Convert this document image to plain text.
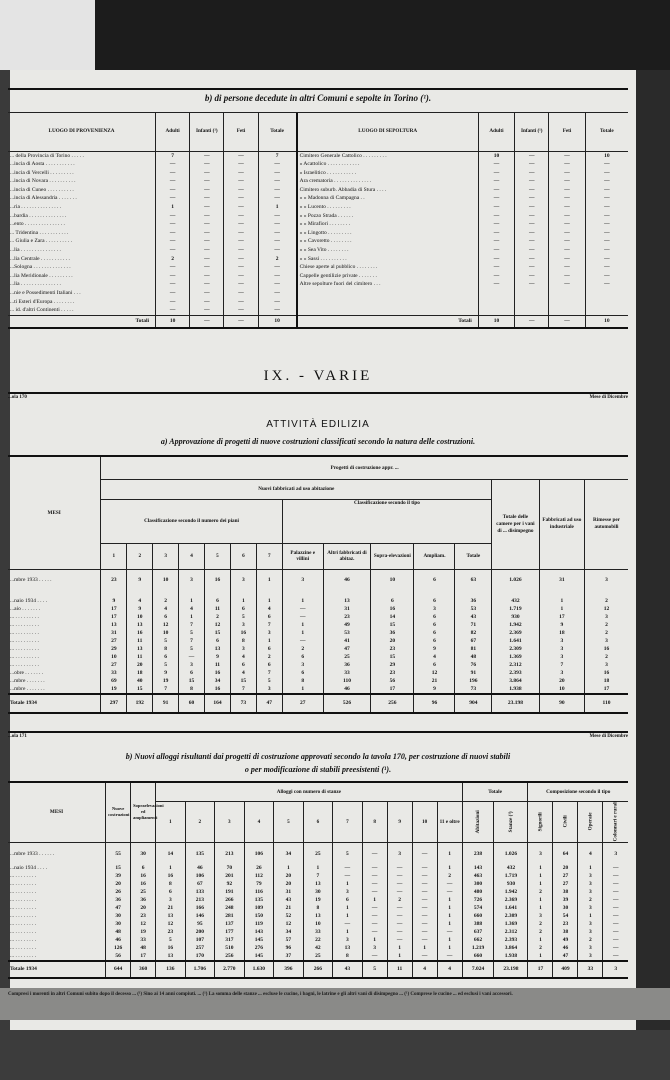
b) di persone decedute in altri Comuni e sepolte in Torino (¹).
LUOGO DI PROVENIENZA	Adulti	Infanti (¹)	Feti	Totale	LUOGO DI SEPOLTURA	Adulti	Infanti (¹)	Feti	Totale
... della Provincia di Torino . . . . .	7	—	—	7	Cimitero Generale Cattolico . . . . . . . . .	10	—	—	10
...incia di Aosta . . . . . . . . . . .	—	—	—	—	» Acattolico . . . . . . . . . . . .	—	—	—	—
...incia di Vercelli . . . . . . . . .	—	—	—	—	» Israelitico . . . . . . . . . . .	—	—	—	—
...incia di Novara . . . . . . . . . .	—	—	—	—	Ara crematoria . . . . . . . . . . . . . .	—	—	—	—
...incia di Cuneo . . . . . . . . . .	—	—	—	—	Cimitero suburb. Abbadia di Stura . . . .	—	—	—	—
...incia di Alessandria . . . . . . .	—	—	—	—	» » Madonna di Campagna . .	—	—	—	—
...ria . . . . . . . . . . . . . . .	1	—	—	1	» » Lucento . . . . . . . . .	—	—	—	—
...bardia . . . . . . . . . . . . . .	—	—	—	—	» » Pozzo Strada . . . . . .	—	—	—	—
...ento . . . . . . . . . . . . . . .	—	—	—	—	» » Mirafiori . . . . . . . .	—	—	—	—
... Tridentina . . . . . . . . . . .	—	—	—	—	» » Lingotto . . . . . . . . .	—	—	—	—
... Giulia e Zara . . . . . . . . . .	—	—	—	—	» » Cavoretto . . . . . . . .	—	—	—	—
...lia . . . . . . . . . . . . . . .	—	—	—	—	» » Sea Vito . . . . . . . .	—	—	—	—
...lia Centrale . . . . . . . . . . .	2	—	—	2	» » Sassi . . . . . . . . . .	—	—	—	—
...Sologna . . . . . . . . . . . . . .	—	—	—	—	Chiese aperte al pubblico . . . . . . . .	—	—	—	—
...lia Meridionale . . . . . . . . .	—	—	—	—	Cappelle gentilizie private . . . . . . .	—	—	—	—
...lia . . . . . . . . . . . . . . .	—	—	—	—	Altre sepolture fuori del cimitero . . .	—	—	—	—
...nie e Possedimenti Italiani . . .	—	—	—	—					
...ti Esteri d'Europa . . . . . . . .	—	—	—	—					
... id. d'altri Continenti . . . . .	—	—	—	—					
Totali	10	—	—	10	Totali	10	—	—	10
IX. - VARIE
...ola 170	Mese di Dicembre
ATTIVITÀ EDILIZIA
a) Approvazione di progetti di nuove costruzioni classificati secondo la natura delle costruzioni.
MESI	Progetti di costruzione appr. ...														
	Nuovi fabbricati ad uso abitazione												Totale delle camere per i vani di ... disimpegno	Fabbricati ad uso industriale	Rimesse per automobili
	Classificazione secondo il numero dei piani							Classificazione secondo il tipo							
	1	2	3	4	5	6	7	Palazzine e villini	Altri fabbricati di abitaz.	Sopra-elevazioni	Ampliam.	Totale			
...mbre 1933 . . . . .	23	9	10	3	16	3	1	3	46	10	6	63	1.026	31	3

...naio 1934 . . . .	9	4	2	1	6	1	1	1	13	6	6	36	432	1	2
...aio . . . . . . .	17	9	4	4	11	6	4	—	31	16	3	53	1.719	1	12
... . . . . . . . . .	17	10	6	1	2	5	6	—	23	14	6	43	930	17	3
... . . . . . . . . .	13	13	12	7	12	3	7	1	49	15	6	71	1.942	9	2
... . . . . . . . . .	31	16	10	5	15	16	3	1	53	36	6	82	2.369	18	2
... . . . . . . . . .	27	11	5	7	6	8	1	—	41	20	6	67	1.641	3	3
... . . . . . . . . .	29	13	8	5	13	3	6	2	47	23	9	81	2.309	3	16
... . . . . . . . . .	10	11	6	—	9	4	2	6	25	15	4	48	1.369	3	2
... . . . . . . . . .	27	20	5	3	11	6	6	3	36	29	6	76	2.312	7	3
...obre . . . . . . .	33	18	9	6	16	4	7	6	33	23	12	91	2.393	3	16
...mbre . . . . . . .	69	40	19	15	34	15	5	8	110	56	21	196	3.864	20	18
...mbre . . . . . . .	19	15	7	8	16	7	3	1	46	17	9	73	1.938	10	17
Totale 1934	297	192	91	60	164	73	47	27	526	256	96	904	23.198	90	110
...ola 171	Mese di Dicembre
b) Nuovi alloggi risultanti dai progetti di costruzione approvati secondo la tavola 170, per costruzione di nuovi stabili
o per modificazione di stabili preesistenti (¹).
MESI	Nuove costruzioni	Sopraelevazioni ed ampliamenti	Alloggi con numero di stanze											Totale		Composizione secondo il tipo			
			1	2	3	4	5	6	7	8	9	10	11 e oltre	Abitazioni	Stanze (¹)	Signorili	Civili	Operaie	Colonnari e rurali
...mbre 1933 . . . . . .	55	30	14	135	213	106	34	25	5	—	3	—	1	238	1.026	3	64	4	3
...naio 1934 . . . .	15	6	1	46	70	26	1	1	—	—	—	—	1	143	432	1	20	1	—
... . . . . . . . .	39	16	16	106	201	112	20	7	—	—	—	—	2	463	1.719	1	27	3	—
... . . . . . . . .	20	16	8	67	92	79	20	13	1	—	—	—	—	300	930	1	27	3	—
... . . . . . . . .	26	25	6	133	191	116	31	30	3	—	—	—	—	480	1.942	2	38	3	—
... . . . . . . . .	36	36	3	213	266	135	43	19	6	1	2	—	1	726	2.369	1	39	2	—
... . . . . . . . .	47	20	21	166	248	109	21	8	1	—	—	—	1	574	1.641	1	30	3	—
... . . . . . . . .	30	23	13	146	281	150	52	13	1	—	—	—	1	660	2.309	3	54	1	—
... . . . . . . . .	30	12	12	95	137	119	12	10	—	—	—	—	1	388	1.369	2	23	3	—
... . . . . . . . .	48	19	23	200	177	143	34	33	1	—	—	—	—	637	2.312	2	38	3	—
... . . . . . . . .	46	33	5	107	317	145	57	22	3	1	—	—	1	662	2.393	1	49	2	—
... . . . . . . . .	126	48	16	257	510	276	96	42	13	3	1	1	1	1.219	3.864	2	46	3	—
... . . . . . . . .	56	17	13	170	256	145	37	25	8	—	1	—	—	660	1.938	1	47	3	—
Totale 1934	644	360	136	1.706	2.770	1.630	396	266	43	5	11	4	4	7.024	23.198	17	409	33	3
Compresi i morenti in altri Comuni subito dopo il decesso ... (¹) Sino ai 14 anni compiuti. ... (¹) La somma delle stanze ... escluse le cucine, i bagni, le latrine e gli altri vani di disimpegno ... (¹) Comprese le cucine ... ed esclusi i vani accessori.
